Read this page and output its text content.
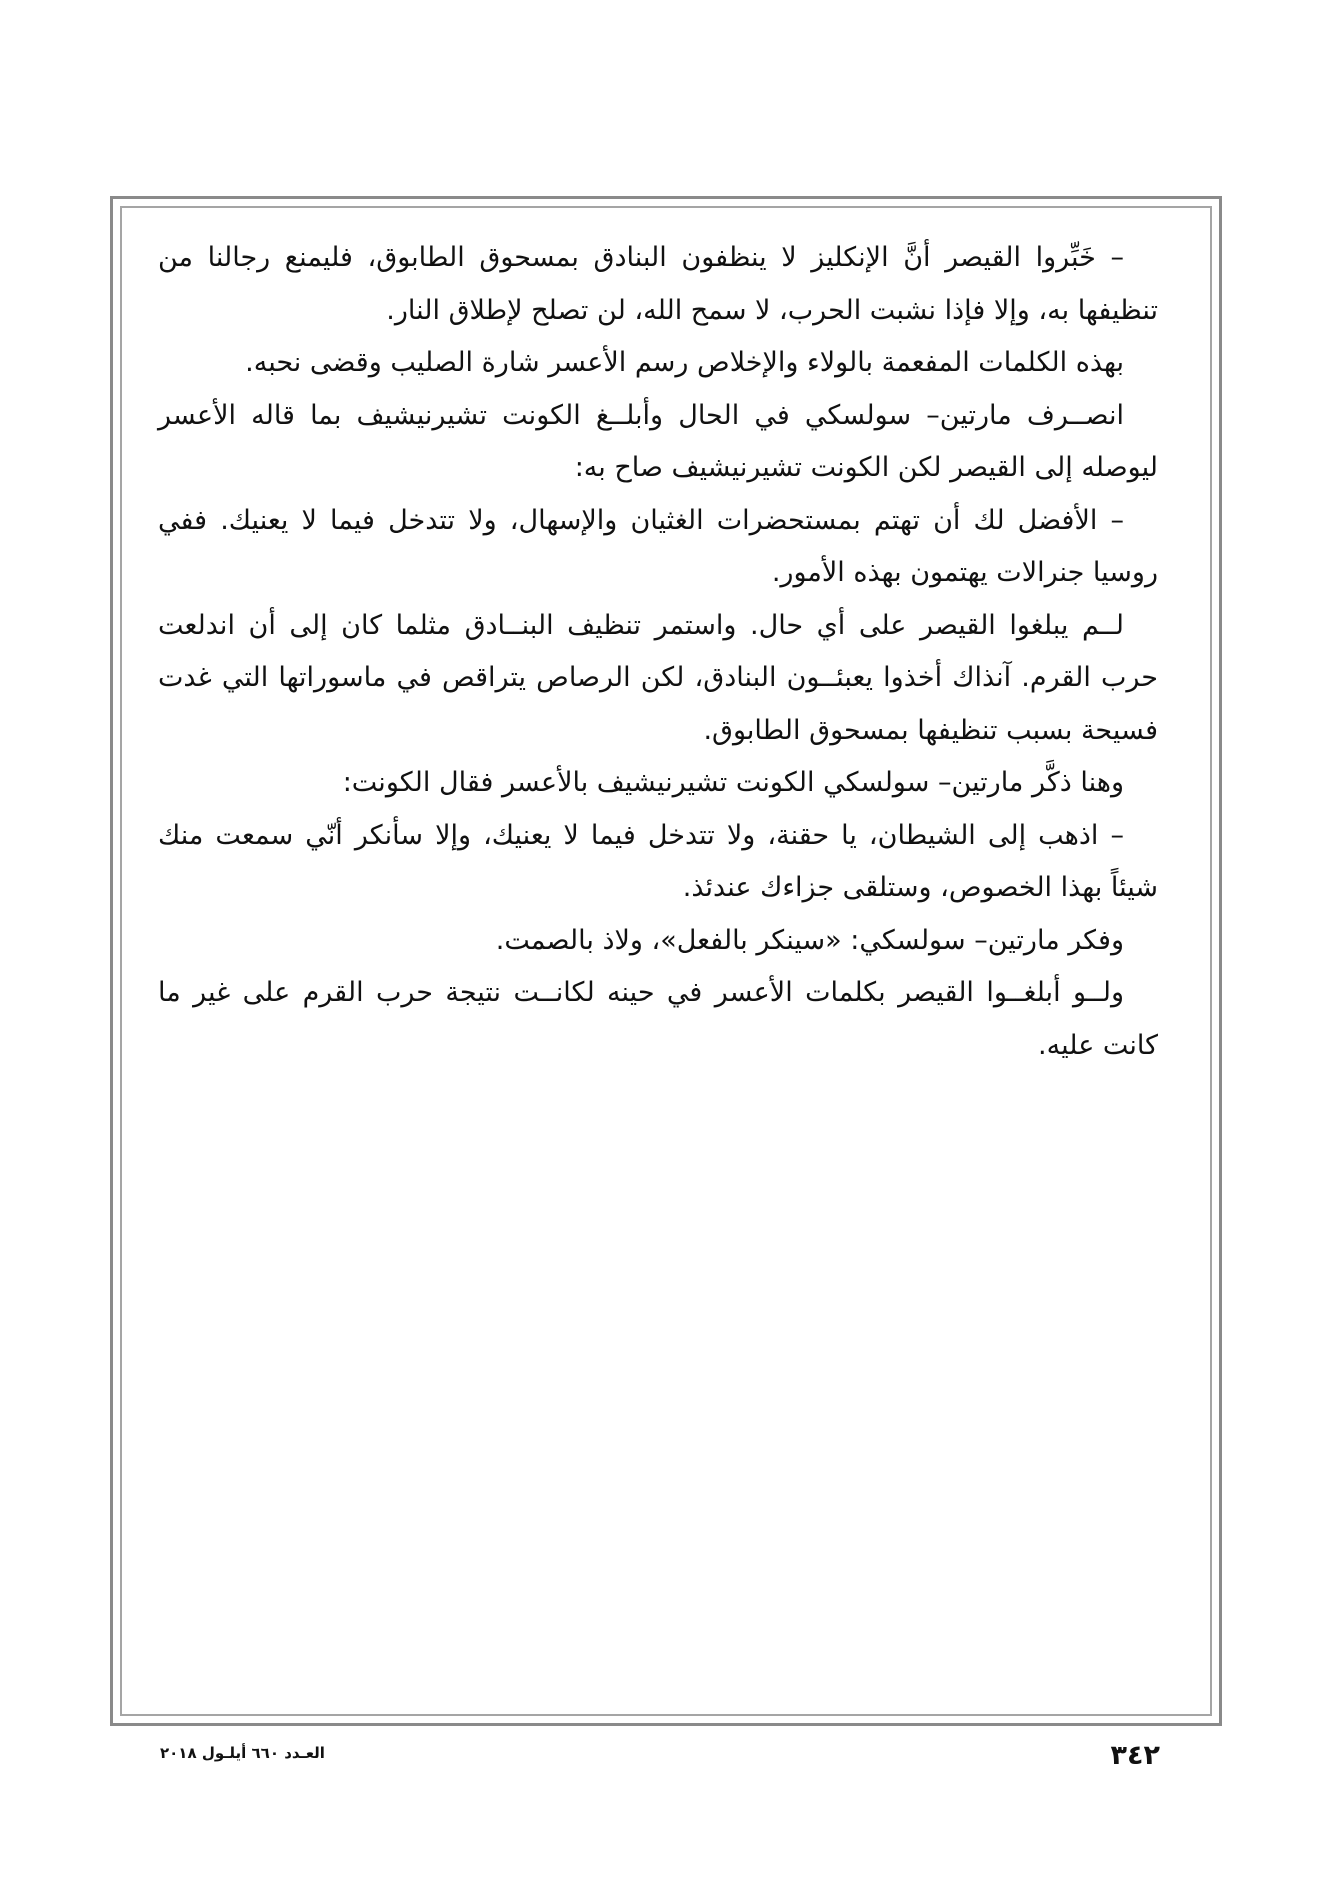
– خَبِّروا القيصر أنَّ الإنكليز لا ينظفون البنادق بمسحوق الطابوق، فليمنع رجالنا من تنظيفها به، وإلا فإذا نشبت الحرب، لا سمح الله، لن تصلح لإطلاق النار.

بهذه الكلمات المفعمة بالولاء والإخلاص رسم الأعسر شارة الصليب وقضى نحبه.

انصــرف مارتين– سولسكي في الحال وأبلــغ الكونت تشيرنيشيف بما قاله الأعسر ليوصله إلى القيصر لكن الكونت تشيرنيشيف صاح به:

– الأفضل لك أن تهتم بمستحضرات الغثيان والإسهال، ولا تتدخل فيما لا يعنيك. ففي روسيا جنرالات يهتمون بهذه الأمور.

لــم يبلغوا القيصر على أي حال. واستمر تنظيف البنــادق مثلما كان إلى أن اندلعت حرب القرم. آنذاك أخذوا يعبئــون البنادق، لكن الرصاص يتراقص في ماسوراتها التي غدت فسيحة بسبب تنظيفها بمسحوق الطابوق.

وهنا ذكَّر مارتين– سولسكي الكونت تشيرنيشيف بالأعسر فقال الكونت:

– اذهب إلى الشيطان، يا حقنة، ولا تتدخل فيما لا يعنيك، وإلا سأنكر أنّي سمعت منك شيئاً بهذا الخصوص، وستلقى جزاءك عندئذ.

وفكر مارتين– سولسكي: «سينكر بالفعل»، ولاذ بالصمت.

ولــو أبلغــوا القيصر بكلمات الأعسر في حينه لكانــت نتيجة حرب القرم على غير ما كانت عليه.

٣٤٢
العـدد ٦٦٠ أيلـول ٢٠١٨
